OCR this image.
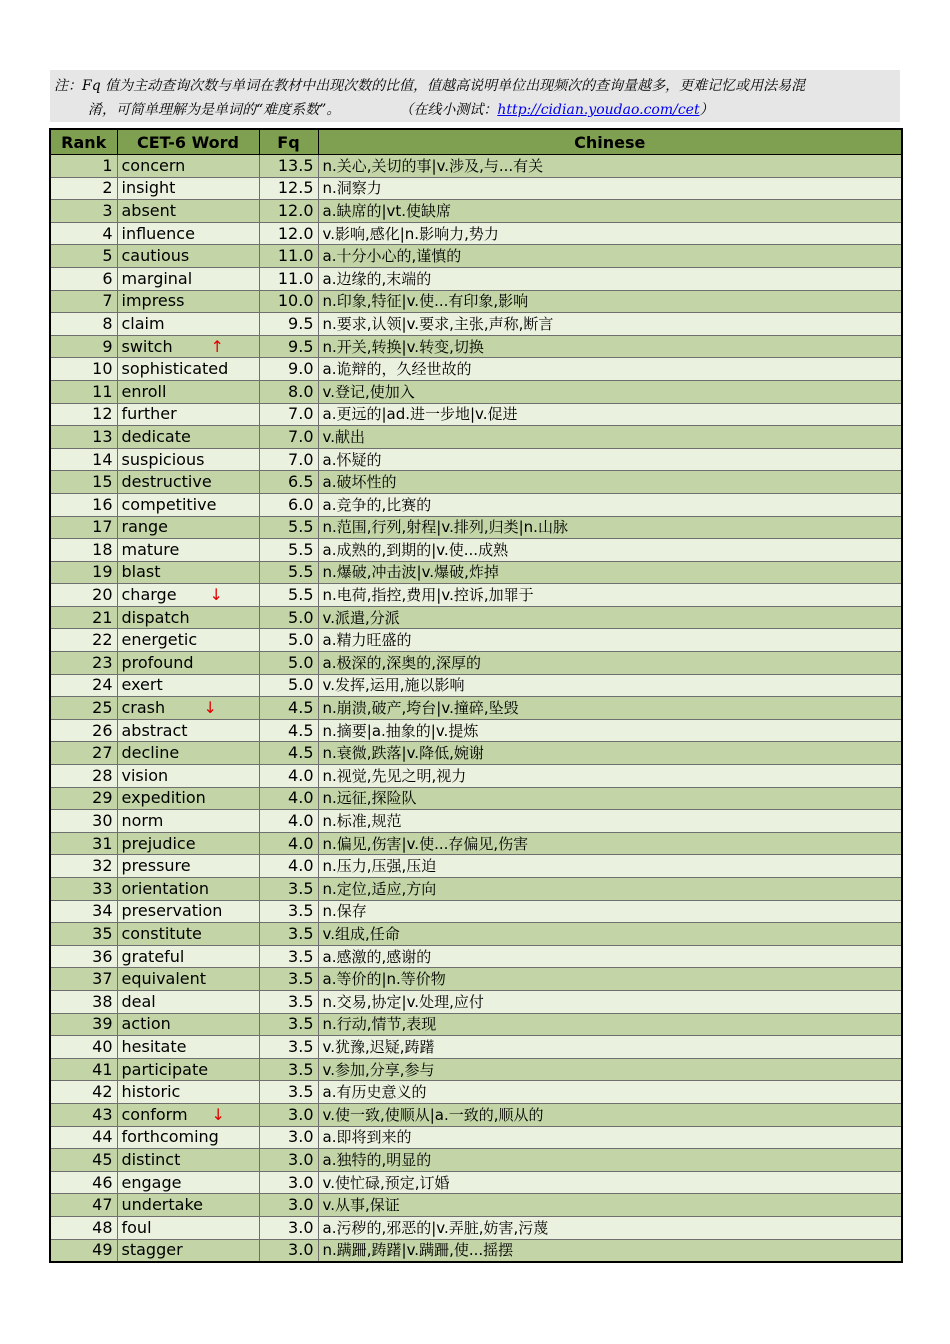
注：Fq 值为主动查询次数与单词在教材中出现次数的比值，值越高说明单位出现频次的查询量越多，更难记忆或用法易混
淆，可简单理解为是单词的“难度系数”。	（在线小测试：http://cidian.youdao.com/cet）
Rank	CET-6 Word	Fq	Chinese
1	concern	13.5	n.关心,关切的事|v.涉及,与...有关
2	insight	12.5	n.洞察力
3	absent	12.0	a.缺席的|vt.使缺席
4	influence	12.0	v.影响,感化|n.影响力,势力
5	cautious	11.0	a.十分小心的,谨慎的
6	marginal	11.0	a.边缘的,末端的
7	impress	10.0	n.印象,特征|v.使...有印象,影响
8	claim	9.5	n.要求,认领|v.要求,主张,声称,断言
9	switch ↑	9.5	n.开关,转换|v.转变,切换
10	sophisticated	9.0	a.诡辩的，久经世故的
11	enroll	8.0	v.登记,使加入
12	further	7.0	a.更远的|ad.进一步地|v.促进
13	dedicate	7.0	v.献出
14	suspicious	7.0	a.怀疑的
15	destructive	6.5	a.破坏性的
16	competitive	6.0	a.竞争的,比赛的
17	range	5.5	n.范围,行列,射程|v.排列,归类|n.山脉
18	mature	5.5	a.成熟的,到期的|v.使...成熟
19	blast	5.5	n.爆破,冲击波|v.爆破,炸掉
20	charge ↓	5.5	n.电荷,指控,费用|v.控诉,加罪于
21	dispatch	5.0	v.派遣,分派
22	energetic	5.0	a.精力旺盛的
23	profound	5.0	a.极深的,深奥的,深厚的
24	exert	5.0	v.发挥,运用,施以影响
25	crash ↓	4.5	n.崩溃,破产,垮台|v.撞碎,坠毁
26	abstract	4.5	n.摘要|a.抽象的|v.提炼
27	decline	4.5	n.衰微,跌落|v.降低,婉谢
28	vision	4.0	n.视觉,先见之明,视力
29	expedition	4.0	n.远征,探险队
30	norm	4.0	n.标准,规范
31	prejudice	4.0	n.偏见,伤害|v.使...存偏见,伤害
32	pressure	4.0	n.压力,压强,压迫
33	orientation	3.5	n.定位,适应,方向
34	preservation	3.5	n.保存
35	constitute	3.5	v.组成,任命
36	grateful	3.5	a.感激的,感谢的
37	equivalent	3.5	a.等价的|n.等价物
38	deal	3.5	n.交易,协定|v.处理,应付
39	action	3.5	n.行动,情节,表现
40	hesitate	3.5	v.犹豫,迟疑,踌躇
41	participate	3.5	v.参加,分享,参与
42	historic	3.5	a.有历史意义的
43	conform ↓	3.0	v.使一致,使顺从|a.一致的,顺从的
44	forthcoming	3.0	a.即将到来的
45	distinct	3.0	a.独特的,明显的
46	engage	3.0	v.使忙碌,预定,订婚
47	undertake	3.0	v.从事,保证
48	foul	3.0	a.污秽的,邪恶的|v.弄脏,妨害,污蔑
49	stagger	3.0	n.蹒跚,踌躇|v.蹒跚,使...摇摆
